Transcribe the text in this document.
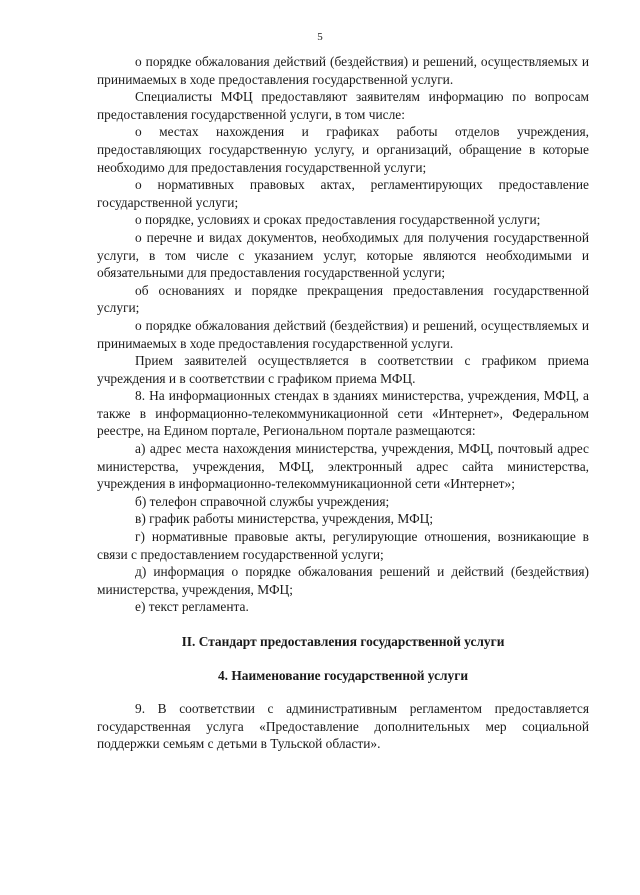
5

о порядке обжалования действий (бездействия) и решений, осуществляемых и принимаемых в ходе предоставления государственной услуги.

Специалисты МФЦ предоставляют заявителям информацию по вопросам предоставления государственной услуги, в том числе:

о местах нахождения и графиках работы отделов учреждения, предоставляющих государственную услугу, и организаций, обращение в которые необходимо для предоставления государственной услуги;

о нормативных правовых актах, регламентирующих предоставление государственной услуги;

о порядке, условиях и сроках предоставления государственной услуги;

о перечне и видах документов, необходимых для получения государственной услуги, в том числе с указанием услуг, которые являются необходимыми и обязательными для предоставления государственной услуги;

об основаниях и порядке прекращения предоставления государственной услуги;

о порядке обжалования действий (бездействия) и решений, осуществляемых и принимаемых в ходе предоставления государственной услуги.

Прием заявителей осуществляется в соответствии с графиком приема учреждения и в соответствии с графиком приема МФЦ.

8. На информационных стендах в зданиях министерства, учреждения, МФЦ, а также в информационно-телекоммуникационной сети «Интернет», Федеральном реестре, на Едином портале, Региональном портале размещаются:

а) адрес места нахождения министерства, учреждения, МФЦ, почтовый адрес министерства, учреждения, МФЦ, электронный адрес сайта министерства, учреждения в информационно-телекоммуникационной сети «Интернет»;

б) телефон справочной службы учреждения;

в) график работы министерства, учреждения, МФЦ;

г) нормативные правовые акты, регулирующие отношения, возникающие в связи с предоставлением государственной услуги;

д) информация о порядке обжалования решений и действий (бездействия) министерства, учреждения, МФЦ;

е) текст регламента.

II. Стандарт предоставления государственной услуги

4. Наименование государственной услуги

9. В соответствии с административным регламентом предоставляется государственная услуга «Предоставление дополнительных мер социальной поддержки семьям с детьми в Тульской области».
